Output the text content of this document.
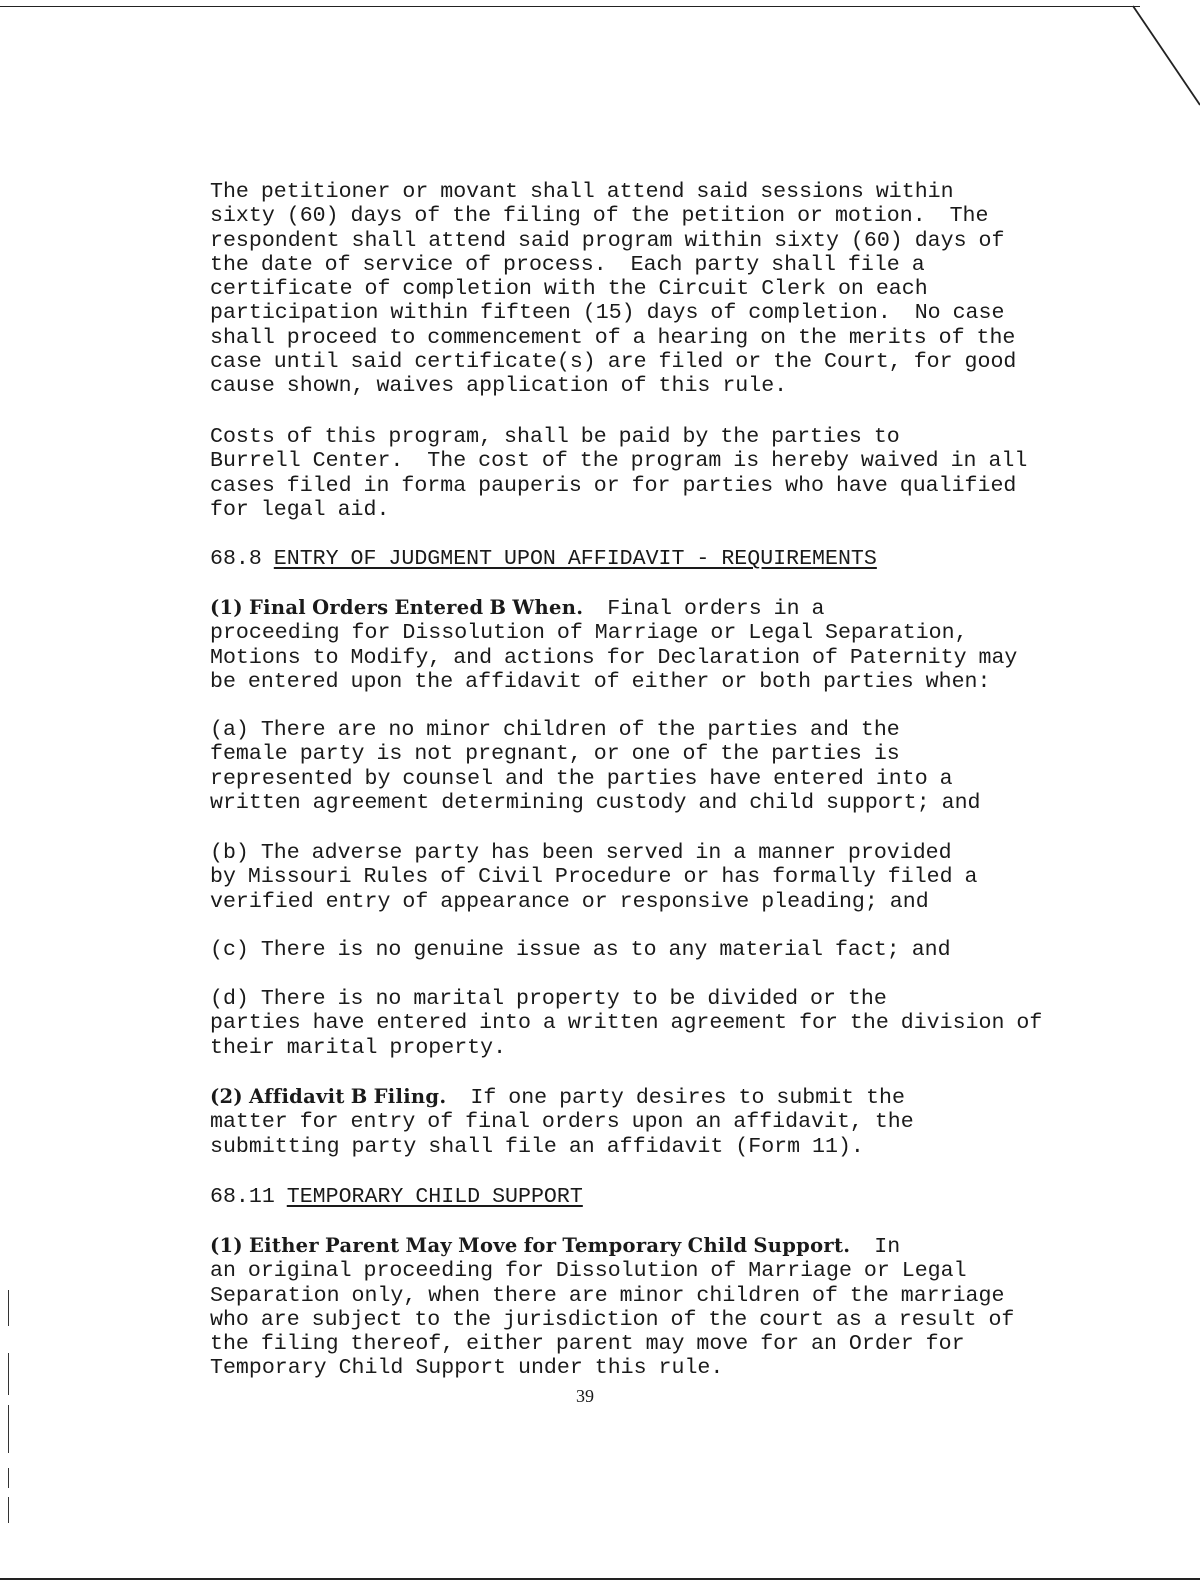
The petitioner or movant shall attend said sessions within
sixty (60) days of the filing of the petition or motion.  The
respondent shall attend said program within sixty (60) days of
the date of service of process.  Each party shall file a
certificate of completion with the Circuit Clerk on each
participation within fifteen (15) days of completion.  No case
shall proceed to commencement of a hearing on the merits of the
case until said certificate(s) are filed or the Court, for good
cause shown, waives application of this rule.

Costs of this program, shall be paid by the parties to
Burrell Center.  The cost of the program is hereby waived in all
cases filed in forma pauperis or for parties who have qualified
for legal aid.

68.8 ENTRY OF JUDGMENT UPON AFFIDAVIT - REQUIREMENTS

(1) Final Orders Entered B When.  Final orders in a
proceeding for Dissolution of Marriage or Legal Separation,
Motions to Modify, and actions for Declaration of Paternity may
be entered upon the affidavit of either or both parties when:

(a) There are no minor children of the parties and the
female party is not pregnant, or one of the parties is
represented by counsel and the parties have entered into a
written agreement determining custody and child support; and

(b) The adverse party has been served in a manner provided
by Missouri Rules of Civil Procedure or has formally filed a
verified entry of appearance or responsive pleading; and

(c) There is no genuine issue as to any material fact; and

(d) There is no marital property to be divided or the
parties have entered into a written agreement for the division of
their marital property.

(2) Affidavit B Filing.  If one party desires to submit the
matter for entry of final orders upon an affidavit, the
submitting party shall file an affidavit (Form 11).

68.11 TEMPORARY CHILD SUPPORT

(1) Either Parent May Move for Temporary Child Support.  In
an original proceeding for Dissolution of Marriage or Legal
Separation only, when there are minor children of the marriage
who are subject to the jurisdiction of the court as a result of
the filing thereof, either parent may move for an Order for
Temporary Child Support under this rule.

39
